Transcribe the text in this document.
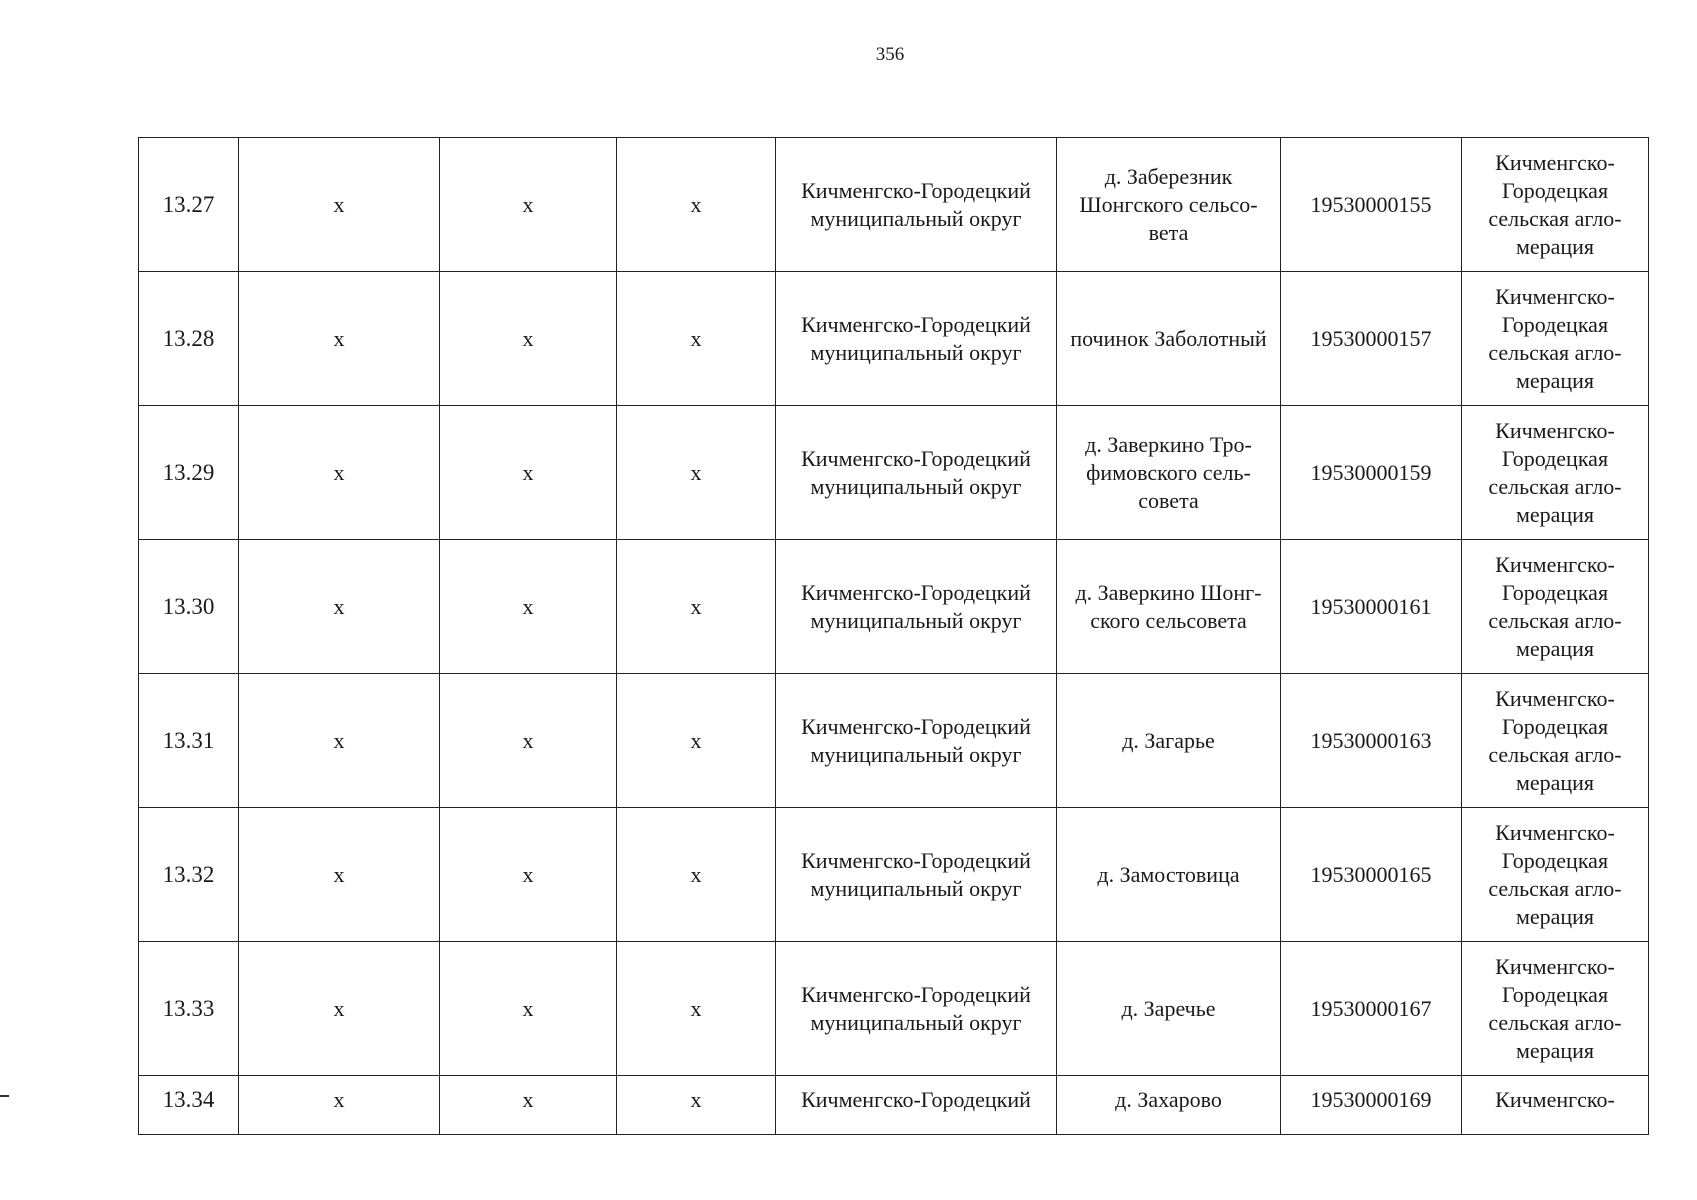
356
13.27	х	х	х	Кичменгско-Городецкий муниципальный округ	д. Заберезник Шонгского сельсо-вета	19530000155	Кичменгско-Городецкая сельская агло-мерация
13.28	х	х	х	Кичменгско-Городецкий муниципальный округ	починок Заболотный	19530000157	Кичменгско-Городецкая сельская агло-мерация
13.29	х	х	х	Кичменгско-Городецкий муниципальный округ	д. Заверкино Тро-фимовского сель-совета	19530000159	Кичменгско-Городецкая сельская агло-мерация
13.30	х	х	х	Кичменгско-Городецкий муниципальный округ	д. Заверкино Шонг-ского сельсовета	19530000161	Кичменгско-Городецкая сельская агло-мерация
13.31	х	х	х	Кичменгско-Городецкий муниципальный округ	д. Загарье	19530000163	Кичменгско-Городецкая сельская агло-мерация
13.32	х	х	х	Кичменгско-Городецкий муниципальный округ	д. Замостовица	19530000165	Кичменгско-Городецкая сельская агло-мерация
13.33	х	х	х	Кичменгско-Городецкий муниципальный округ	д. Заречье	19530000167	Кичменгско-Городецкая сельская агло-мерация
13.34	х	х	х	Кичменгско-Городецкий	д. Захарово	19530000169	Кичменгско-
